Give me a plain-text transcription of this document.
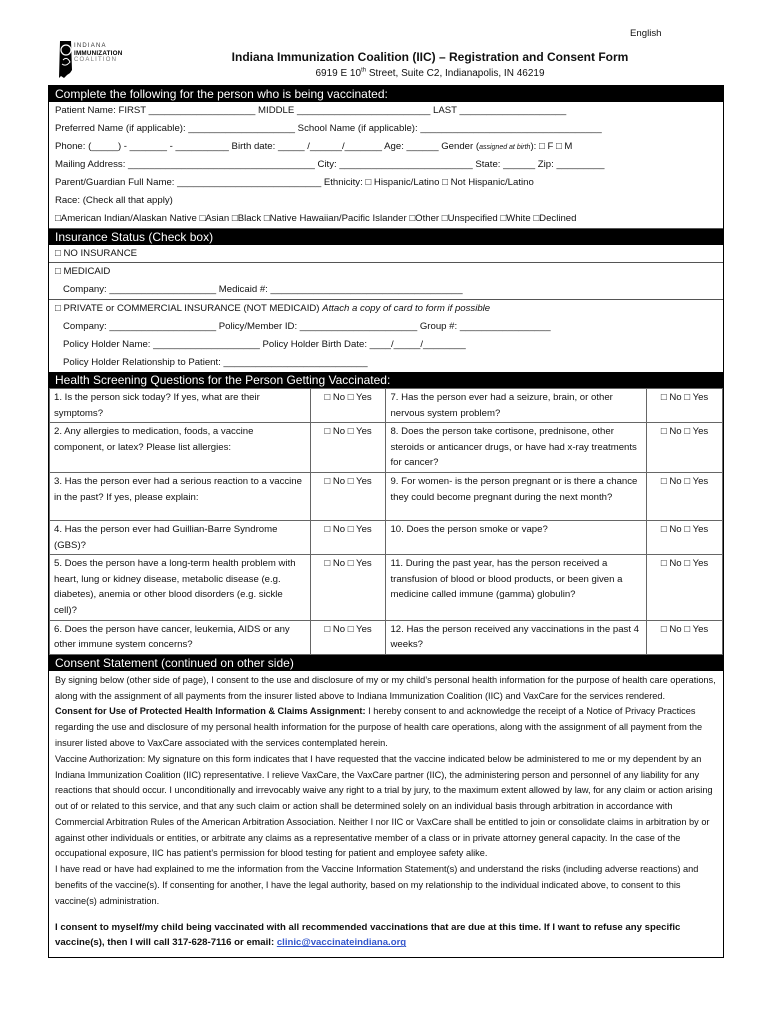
English
INDIANA
IMMUNIZATION
COALITION	Indiana Immunization Coalition (IIC) – Registration and Consent Form
6919 E 10th Street, Suite C2, Indianapolis, IN 46219
Complete the following for the person who is being vaccinated:
Patient Name: FIRST ____________________ MIDDLE _________________________ LAST ____________________
Preferred Name (if applicable): ____________________ School Name (if applicable): __________________________________
Phone: (_____) - _______ - __________ Birth date: _____ /______/_______ Age: ______ Gender (assigned at birth): □ F □ M
Mailing Address: ___________________________________ City: _________________________ State: ______ Zip: _________
Parent/Guardian Full Name: ___________________________ Ethnicity: □ Hispanic/Latino □ Not Hispanic/Latino
Race: (Check all that apply)
□American Indian/Alaskan Native □Asian □Black □Native Hawaiian/Pacific Islander □Other □Unspecified □White □Declined
Insurance Status (Check box)
□ NO INSURANCE
□ MEDICAID
Company: ____________________ Medicaid #: ____________________________________
□ PRIVATE or COMMERCIAL INSURANCE (NOT MEDICAID) Attach a copy of card to form if possible
Company: ____________________ Policy/Member ID: ______________________ Group #: _________________
Policy Holder Name: ____________________ Policy Holder Birth Date: ____/_____/________
Policy Holder Relationship to Patient: ___________________________
Health Screening Questions for the Person Getting Vaccinated:
1. Is the person sick today? If yes, what are their symptoms?	□ No □ Yes	7. Has the person ever had a seizure, brain, or other nervous system problem?	□ No □ Yes
2. Any allergies to medication, foods, a vaccine component, or latex? Please list allergies:	□ No □ Yes	8. Does the person take cortisone, prednisone, other steroids or anticancer drugs, or have had x-ray treatments for cancer?	□ No □ Yes
3. Has the person ever had a serious reaction to a vaccine in the past? If yes, please explain:	□ No □ Yes	9. For women- is the person pregnant or is there a chance they could become pregnant during the next month?	□ No □ Yes
4. Has the person ever had Guillian-Barre Syndrome (GBS)?	□ No □ Yes	10. Does the person smoke or vape?	□ No □ Yes
5. Does the person have a long-term health problem with heart, lung or kidney disease, metabolic disease (e.g. diabetes), anemia or other blood disorders (e.g. sickle cell)?	□ No □ Yes	11. During the past year, has the person received a transfusion of blood or blood products, or been given a medicine called immune (gamma) globulin?	□ No □ Yes
6. Does the person have cancer, leukemia, AIDS or any other immune system concerns?	□ No □ Yes	12. Has the person received any vaccinations in the past 4 weeks?	□ No □ Yes
Consent Statement (continued on other side)

By signing below (other side of page), I consent to the use and disclosure of my or my child’s personal health information for the purpose of health care operations, along with the assignment of all payments from the insurer listed above to Indiana Immunization Coalition (IIC) and VaxCare for the services rendered.

Consent for Use of Protected Health Information & Claims Assignment: I hereby consent to and acknowledge the receipt of a Notice of Privacy Practices regarding the use and disclosure of my personal health information for the purpose of health care operations, along with the assignment of all payment from the insurer listed above to VaxCare associated with the services contemplated herein.

Vaccine Authorization: My signature on this form indicates that I have requested that the vaccine indicated below be administered to me or my dependent by an Indiana Immunization Coalition (IIC) representative. I relieve VaxCare, the VaxCare partner (IIC), the administering person and personnel of any liability for any reactions that should occur. I unconditionally and irrevocably waive any right to a trial by jury, to the maximum extent allowed by law, for any claim or action arising out of or related to this service, and that any such claim or action shall be determined solely on an individual basis through arbitration in accordance with Commercial Arbitration Rules of the American Arbitration Association. Neither I nor IIC or VaxCare shall be entitled to join or consolidate claims in arbitration by or against other individuals or entities, or arbitrate any claims as a representative member of a class or in private attorney general capacity. In the case of the occupational exposure, IIC has patient’s permission for blood testing for patient and employee safety alike.

I have read or have had explained to me the information from the Vaccine Information Statement(s) and understand the risks (including adverse reactions) and benefits of the vaccine(s). If consenting for another, I have the legal authority, based on my relationship to the individual indicated above, to consent to this vaccine(s) administration.

I consent to myself/my child being vaccinated with all recommended vaccinations that are due at this time. If I want to refuse any specific vaccine(s), then I will call 317-628-7116 or email: clinic@vaccinateindiana.org
